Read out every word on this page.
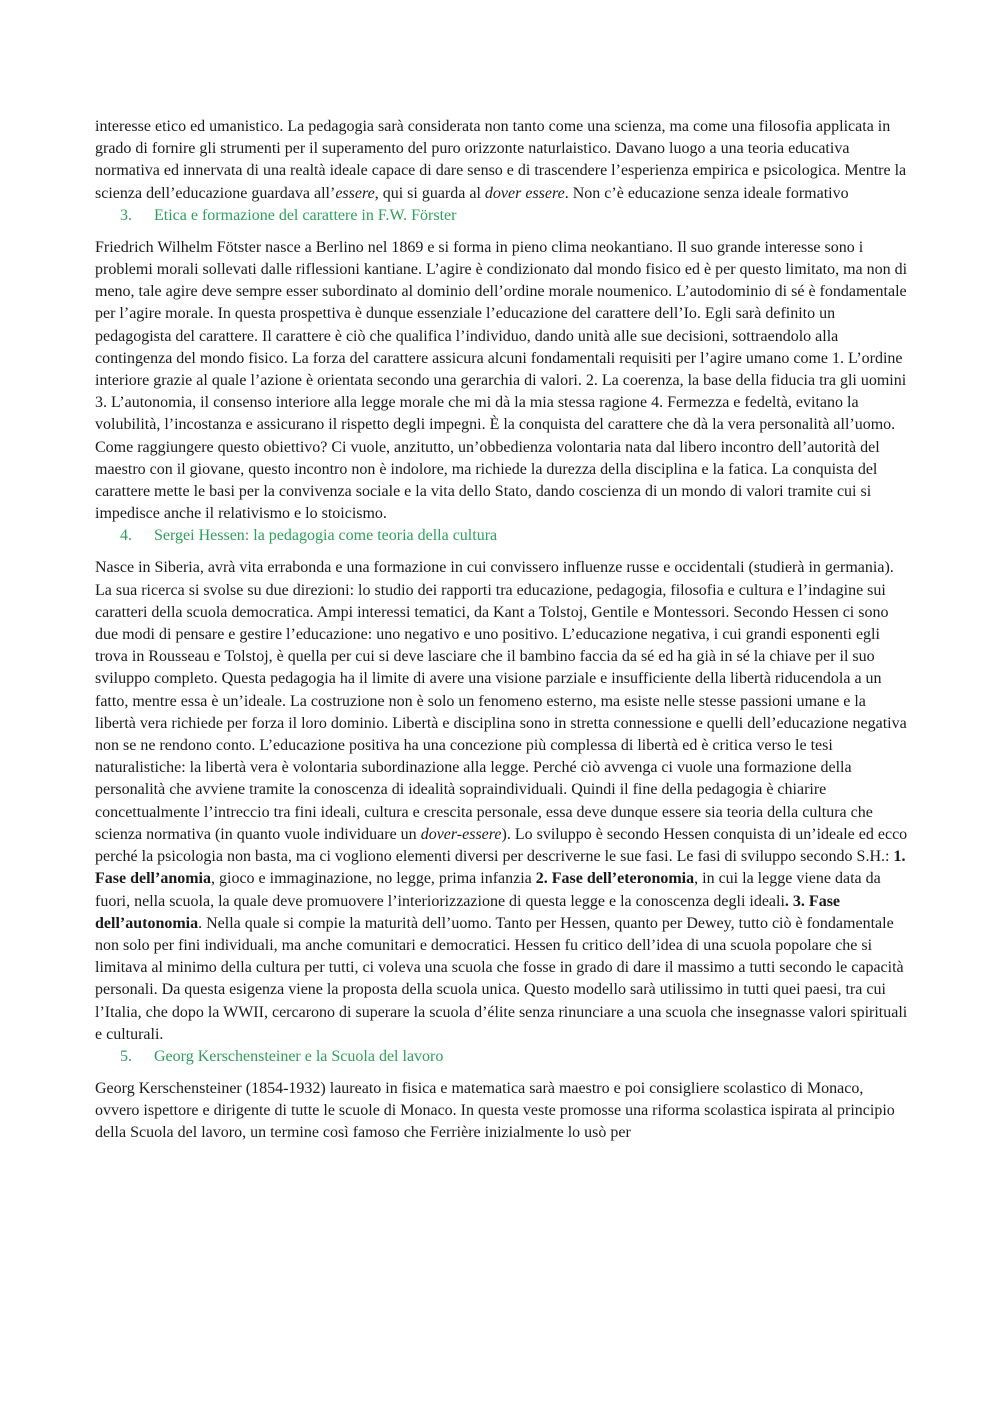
interesse etico ed umanistico. La pedagogia sarà considerata non tanto come una scienza, ma come una filosofia applicata in grado di fornire gli strumenti per il superamento del puro orizzonte naturlaistico. Davano luogo a una teoria educativa normativa ed innervata di una realtà ideale capace di dare senso e di trascendere l’esperienza empirica e psicologica. Mentre la scienza dell’educazione guardava all’essere, qui si guarda al dover essere. Non c’è educazione senza ideale formativo

3. Etica e formazione del carattere in F.W. Förster

Friedrich Wilhelm Fötster nasce a Berlino nel 1869 e si forma in pieno clima neokantiano. Il suo grande interesse sono i problemi morali sollevati dalle riflessioni kantiane. L’agire è condizionato dal mondo fisico ed è per questo limitato, ma non di meno, tale agire deve sempre esser subordinato al dominio dell’ordine morale noumenico. L’autodominio di sé è fondamentale per l’agire morale. In questa prospettiva è dunque essenziale l’educazione del carattere dell’Io. Egli sarà definito un pedagogista del carattere. Il carattere è ciò che qualifica l’individuo, dando unità alle sue decisioni, sottraendolo alla contingenza del mondo fisico. La forza del carattere assicura alcuni fondamentali requisiti per l’agire umano come 1. L’ordine interiore grazie al quale l’azione è orientata secondo una gerarchia di valori. 2. La coerenza, la base della fiducia tra gli uomini 3. L’autonomia, il consenso interiore alla legge morale che mi dà la mia stessa ragione 4. Fermezza e fedeltà, evitano la volubilità, l’incostanza e assicurano il rispetto degli impegni. È la conquista del carattere che dà la vera personalità all’uomo. Come raggiungere questo obiettivo? Ci vuole, anzitutto, un’obbedienza volontaria nata dal libero incontro dell’autorità del maestro con il giovane, questo incontro non è indolore, ma richiede la durezza della disciplina e la fatica. La conquista del carattere mette le basi per la convivenza sociale e la vita dello Stato, dando coscienza di un mondo di valori tramite cui si impedisce anche il relativismo e lo stoicismo.

4. Sergei Hessen: la pedagogia come teoria della cultura

Nasce in Siberia, avrà vita errabonda e una formazione in cui convissero influenze russe e occidentali (studierà in germania). La sua ricerca si svolse su due direzioni: lo studio dei rapporti tra educazione, pedagogia, filosofia e cultura e l’indagine sui caratteri della scuola democratica. Ampi interessi tematici, da Kant a Tolstoj, Gentile e Montessori. Secondo Hessen ci sono due modi di pensare e gestire l’educazione: uno negativo e uno positivo. L’educazione negativa, i cui grandi esponenti egli trova in Rousseau e Tolstoj, è quella per cui si deve lasciare che il bambino faccia da sé ed ha già in sé la chiave per il suo sviluppo completo. Questa pedagogia ha il limite di avere una visione parziale e insufficiente della libertà riducendola a un fatto, mentre essa è un’ideale. La costruzione non è solo un fenomeno esterno, ma esiste nelle stesse passioni umane e la libertà vera richiede per forza il loro dominio. Libertà e disciplina sono in stretta connessione e quelli dell’educazione negativa non se ne rendono conto. L’educazione positiva ha una concezione più complessa di libertà ed è critica verso le tesi naturalistiche: la libertà vera è volontaria subordinazione alla legge. Perché ciò avvenga ci vuole una formazione della personalità che avviene tramite la conoscenza di idealità sopraindividuali. Quindi il fine della pedagogia è chiarire concettualmente l’intreccio tra fini ideali, cultura e crescita personale, essa deve dunque essere sia teoria della cultura che scienza normativa (in quanto vuole individuare un dover-essere). Lo sviluppo è secondo Hessen conquista di un’ideale ed ecco perché la psicologia non basta, ma ci vogliono elementi diversi per descriverne le sue fasi. Le fasi di sviluppo secondo S.H.: 1. Fase dell’anomia, gioco e immaginazione, no legge, prima infanzia 2. Fase dell’eteronomia, in cui la legge viene data da fuori, nella scuola, la quale deve promuovere l’interiorizzazione di questa legge e la conoscenza degli ideali. 3. Fase dell’autonomia. Nella quale si compie la maturità dell’uomo. Tanto per Hessen, quanto per Dewey, tutto ciò è fondamentale non solo per fini individuali, ma anche comunitari e democratici. Hessen fu critico dell’idea di una scuola popolare che si limitava al minimo della cultura per tutti, ci voleva una scuola che fosse in grado di dare il massimo a tutti secondo le capacità personali. Da questa esigenza viene la proposta della scuola unica. Questo modello sarà utilissimo in tutti quei paesi, tra cui l’Italia, che dopo la WWII, cercarono di superare la scuola d’élite senza rinunciare a una scuola che insegnasse valori spirituali e culturali.

5. Georg Kerschensteiner e la Scuola del lavoro

Georg Kerschensteiner (1854-1932) laureato in fisica e matematica sarà maestro e poi consigliere scolastico di Monaco, ovvero ispettore e dirigente di tutte le scuole di Monaco. In questa veste promosse una riforma scolastica ispirata al principio della Scuola del lavoro, un termine così famoso che Ferrière inizialmente lo usò per
